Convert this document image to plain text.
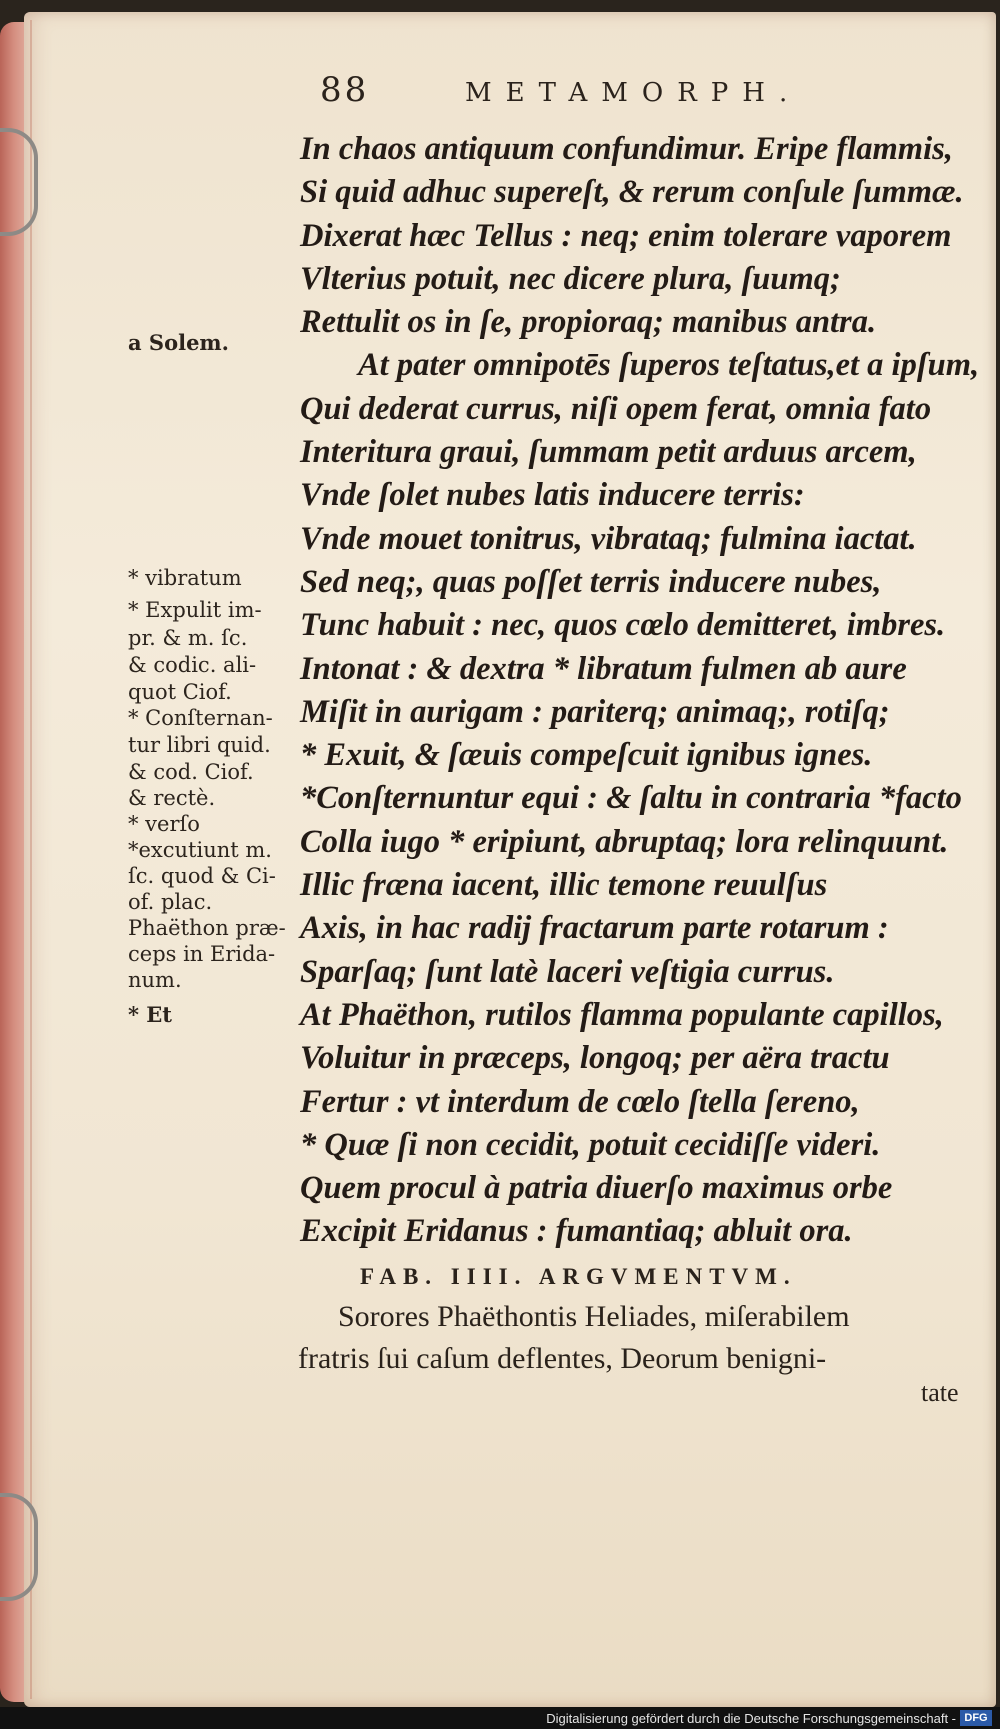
88	METAMORPH.
In chaos antiquum confundimur. Eripe flammis,
Si quid adhuc supereſt, & rerum conſule ſummæ.
Dixerat hæc Tellus : neq; enim tolerare vaporem
Vlterius potuit, nec dicere plura, ſuumq;
Rettulit os in ſe, propioraq; manibus antra.
At pater omnipotēs ſuperos teſtatus,et a ipſum,
Qui dederat currus, niſi opem ferat, omnia fato
Interitura graui, ſummam petit arduus arcem,
Vnde ſolet nubes latis inducere terris:
Vnde mouet tonitrus, vibrataq; fulmina iactat.
Sed neq;, quas poſſet terris inducere nubes,
Tunc habuit : nec, quos cœlo demitteret, imbres.
Intonat : & dextra * libratum fulmen ab aure
Miſit in aurigam : pariterq; animaq;, rotiſq;
* Exuit, & ſæuis compeſcuit ignibus ignes.
*Conſternuntur equi : & ſaltu in contraria *facto
Colla iugo * eripiunt, abruptaq; lora relinquunt.
Illic fræna iacent, illic temone reuulſus
Axis, in hac radij fractarum parte rotarum :
Sparſaq; ſunt latè laceri veſtigia currus.
At Phaëthon, rutilos flamma populante capillos,
Voluitur in præceps, longoq; per aëra tractu
Fertur : vt interdum de cœlo ſtella ſereno,
* Quæ ſi non cecidit, potuit cecidiſſe videri.
Quem procul à patria diuerſo maximus orbe
Excipit Eridanus : fumantiaq; abluit ora.
a Solem.
* vibratum
* Expulit im-
pr. & m. ſc.
& codic. ali-
quot Ciof.
* Conſternan-
tur libri quid.
& cod. Ciof.
& rectè.
* verſo
*excutiunt m.
ſc. quod & Ci-
of. plac.
Phaëthon præ-
ceps in Erida-
num.
* Et
FAB. IIII. ARGVMENTVM.
Sorores Phaëthontis Heliades, miſerabilem
fratris ſui caſum deflentes, Deorum benigni-
tate
Digitalisierung gefördert durch die Deutsche Forschungsgemeinschaft - DFG
